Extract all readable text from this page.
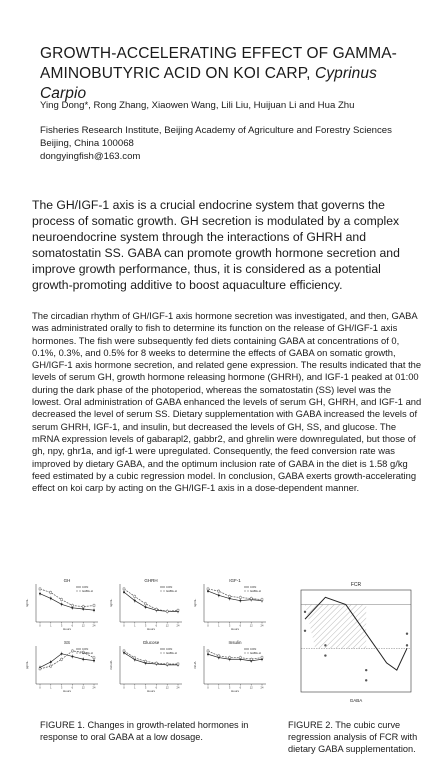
GROWTH-ACCELERATING EFFECT OF GAMMA-AMINOBUTYRIC ACID ON KOI CARP, Cyprinus Carpio
Ying Dong*, Rong Zhang, Xiaowen Wang, Lili Liu, Huijuan Li and Hua Zhu
Fisheries Research Institute, Beijing Academy of Agriculture and Forestry Sciences
Beijing, China 100068
dongyingfish@163.com
The GH/IGF-1 axis is a crucial endocrine system that governs the process of somatic growth. GH secretion is modulated by a complex neuroendocrine system through the interactions of GHRH and somatostatin SS. GABA can promote growth hormone secretion and improve growth performance, thus, it is considered as a potential growth-promoting additive to boost aquaculture efficiency.
The circadian rhythm of GH/IGF-1 axis hormone secretion was investigated, and then, GABA was administrated orally to fish to determine its function on the release of GH/IGF-1 axis hormones. The fish were subsequently fed diets containing GABA at concentrations of 0, 0.1%, 0.3%, and 0.5% for 8 weeks to determine the effects of GABA on somatic growth, GH/IGF-1 axis hormone secretion, and related gene expression. The results indicated that the levels of serum GH, growth hormone releasing hormone (GHRH), and IGF-1 peaked at 01:00 during the dark phase of the photoperiod, whereas the somatostatin (SS) level was the lowest. Oral administration of GABA enhanced the levels of serum GH, GHRH, and IGF-1 and decreased the level of serum SS. Dietary supplementation with GABA increased the levels of serum GHRH, IGF-1, and insulin, but decreased the levels of GH, SS, and glucose. The mRNA expression levels of gabarapl2, gabbr2, and ghrelin were downregulated, but those of gh, npy, ghr1a, and igf-1 were upregulated. Consequently, the feed conversion rate was improved by dietary GABA, and the optimum inclusion rate of GABA in the diet is 1.58 g/kg feed estimated by a cubic regression model. In conclusion, GABA exerts growth-accelerating effect on koi carp by acting on the GH/IGF-1 axis in a dose-dependent manner.
GH
ng/mL
Hours
0	1	3	6	12	24
CON
GABA-H
GHRH
ng/mL
Hours
0	1	3	6	12	24
CON
GABA-H
IGF-1
ng/mL
Hours
0	1	3	6	12	24
CON
GABA-H
SS
pg/mL
Hours
0	1	3	6	12	24
CON
GABA-H
Glucose
mmol/L
Hours
0	1	3	6	12	24
CON
GABA-H
Insulin
mIU/L
Hours
0	1	3	6	12	24
CON
GABA-H
FCR
GABA
FIGURE 1. Changes in growth-related hormones in response to oral GABA at a low dosage.
FIGURE 2. The cubic curve regression analysis of FCR with dietary GABA supplementation.
